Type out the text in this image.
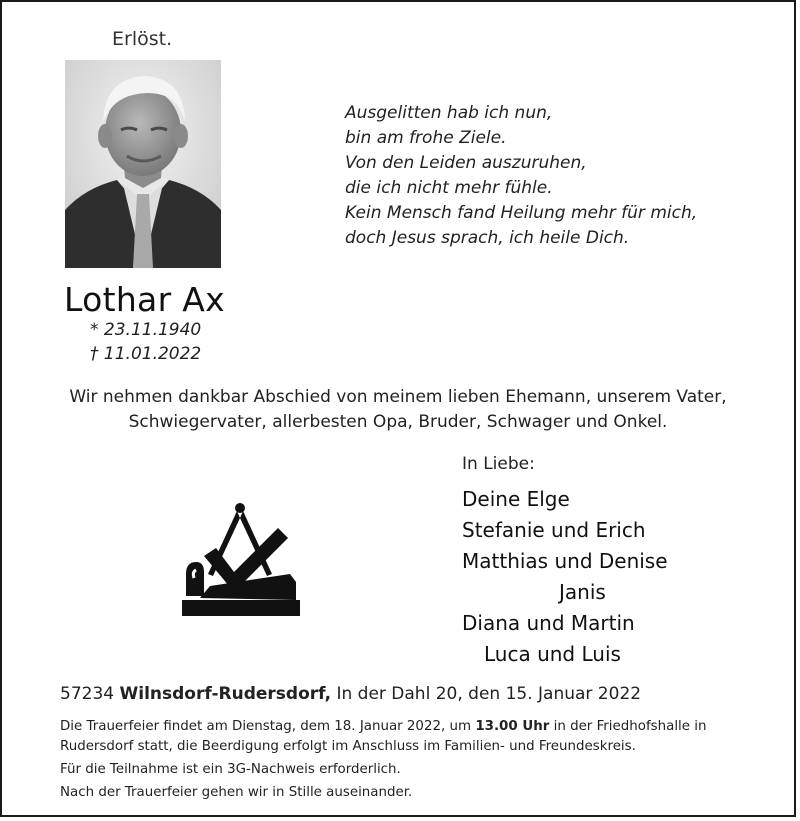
Erlöst.
Ausgelitten hab ich nun,
bin am frohe Ziele.
Von den Leiden auszuruhen,
die ich nicht mehr fühle.
Kein Mensch fand Heilung mehr für mich,
doch Jesus sprach, ich heile Dich.
Lothar Ax
* 23.11.1940
† 11.01.2022
Wir nehmen dankbar Abschied von meinem lieben Ehemann, unserem Vater,
Schwiegervater, allerbesten Opa, Bruder, Schwager und Onkel.
In Liebe:
Deine Elge
Stefanie und Erich
Matthias und Denise
Janis
Diana und Martin
Luca und Luis
57234 Wilnsdorf-Rudersdorf, In der Dahl 20, den 15. Januar 2022

Die Trauerfeier findet am Dienstag, dem 18. Januar 2022, um 13.00 Uhr in der Friedhofshalle in Rudersdorf statt, die Beerdigung erfolgt im Anschluss im Familien- und Freundeskreis.

Für die Teilnahme ist ein 3G-Nachweis erforderlich.

Nach der Trauerfeier gehen wir in Stille auseinander.
